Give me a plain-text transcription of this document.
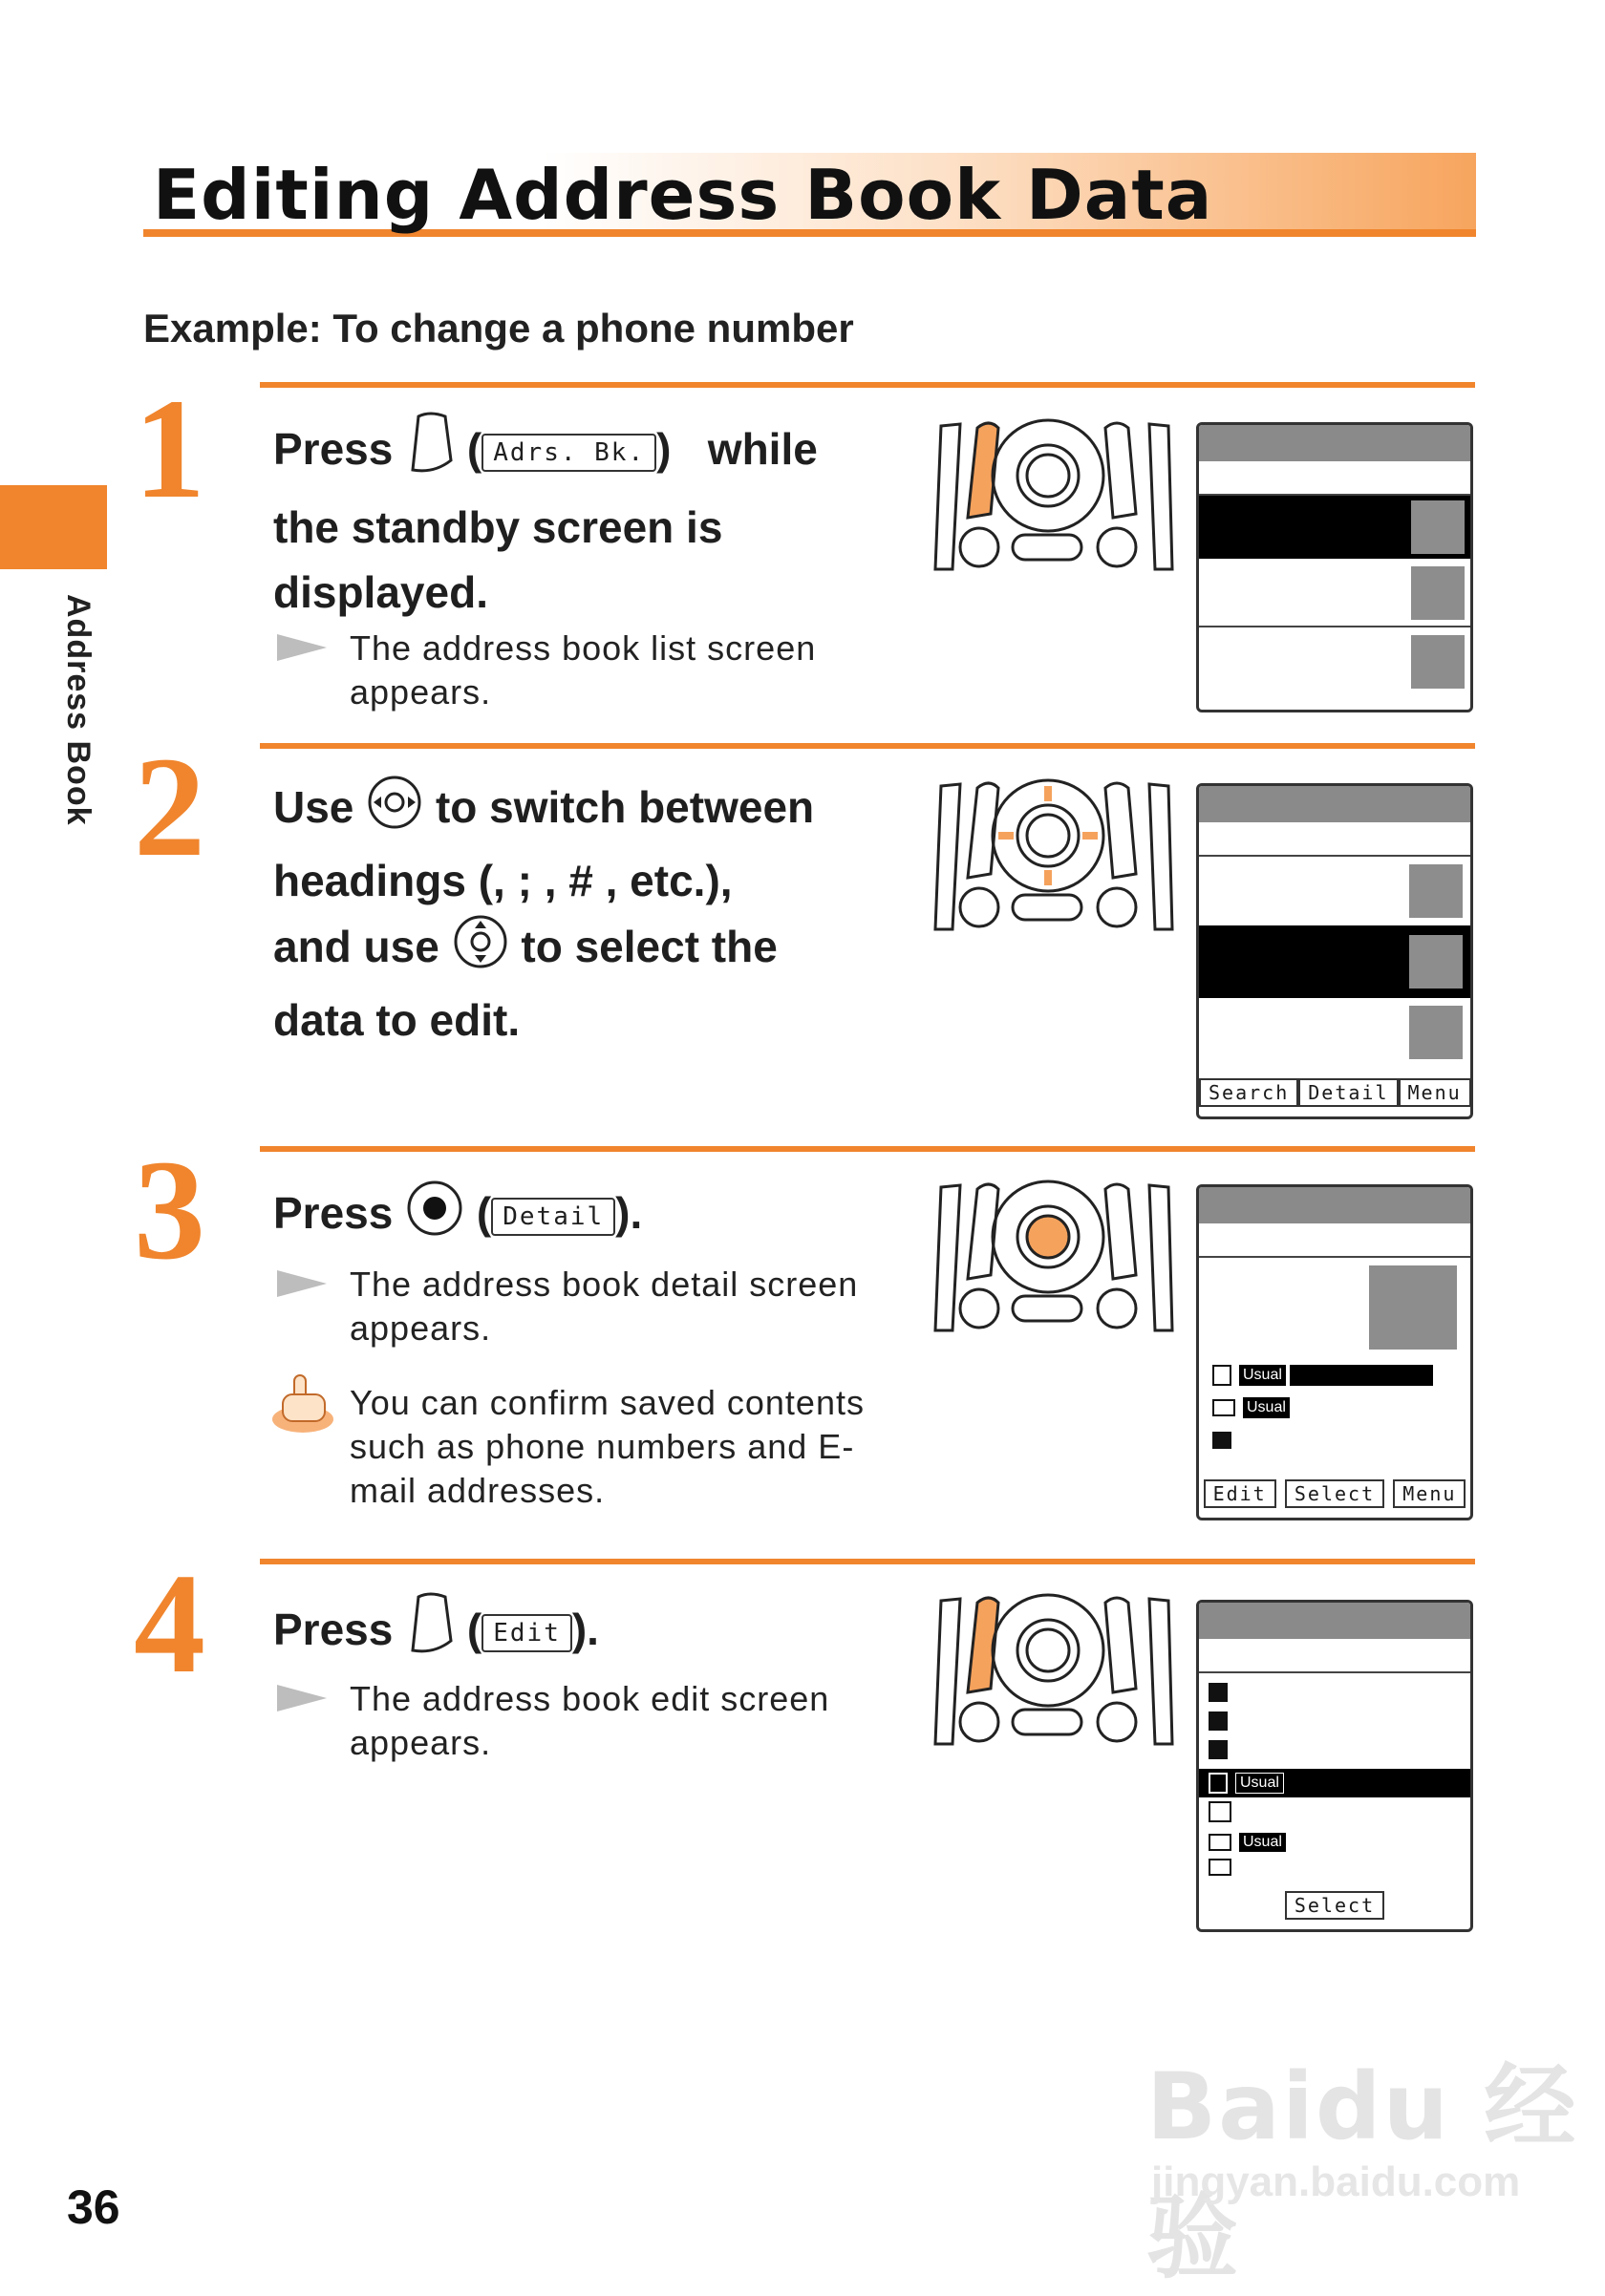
Editing Address Book Data
Example: To change a phone number
Address Book
1 Press  ( Adrs. Bk. )   while
the standby screen is
displayed.
The address book list screen appears.
2 Use to switch between
headings (, ; , # , etc.),
and use to select the
data to edit.
Search	Detail	Menu
3 Press  ( Detail ).
The address book detail screen appears.
You can confirm saved contents such as phone numbers and E-mail addresses.
Usual
Usual
Edit	Select	Menu
4 Press  ( Edit ).
The address book edit screen appears.
Usual
Usual
Select
36
Baidu 经验
jingyan.baidu.com
